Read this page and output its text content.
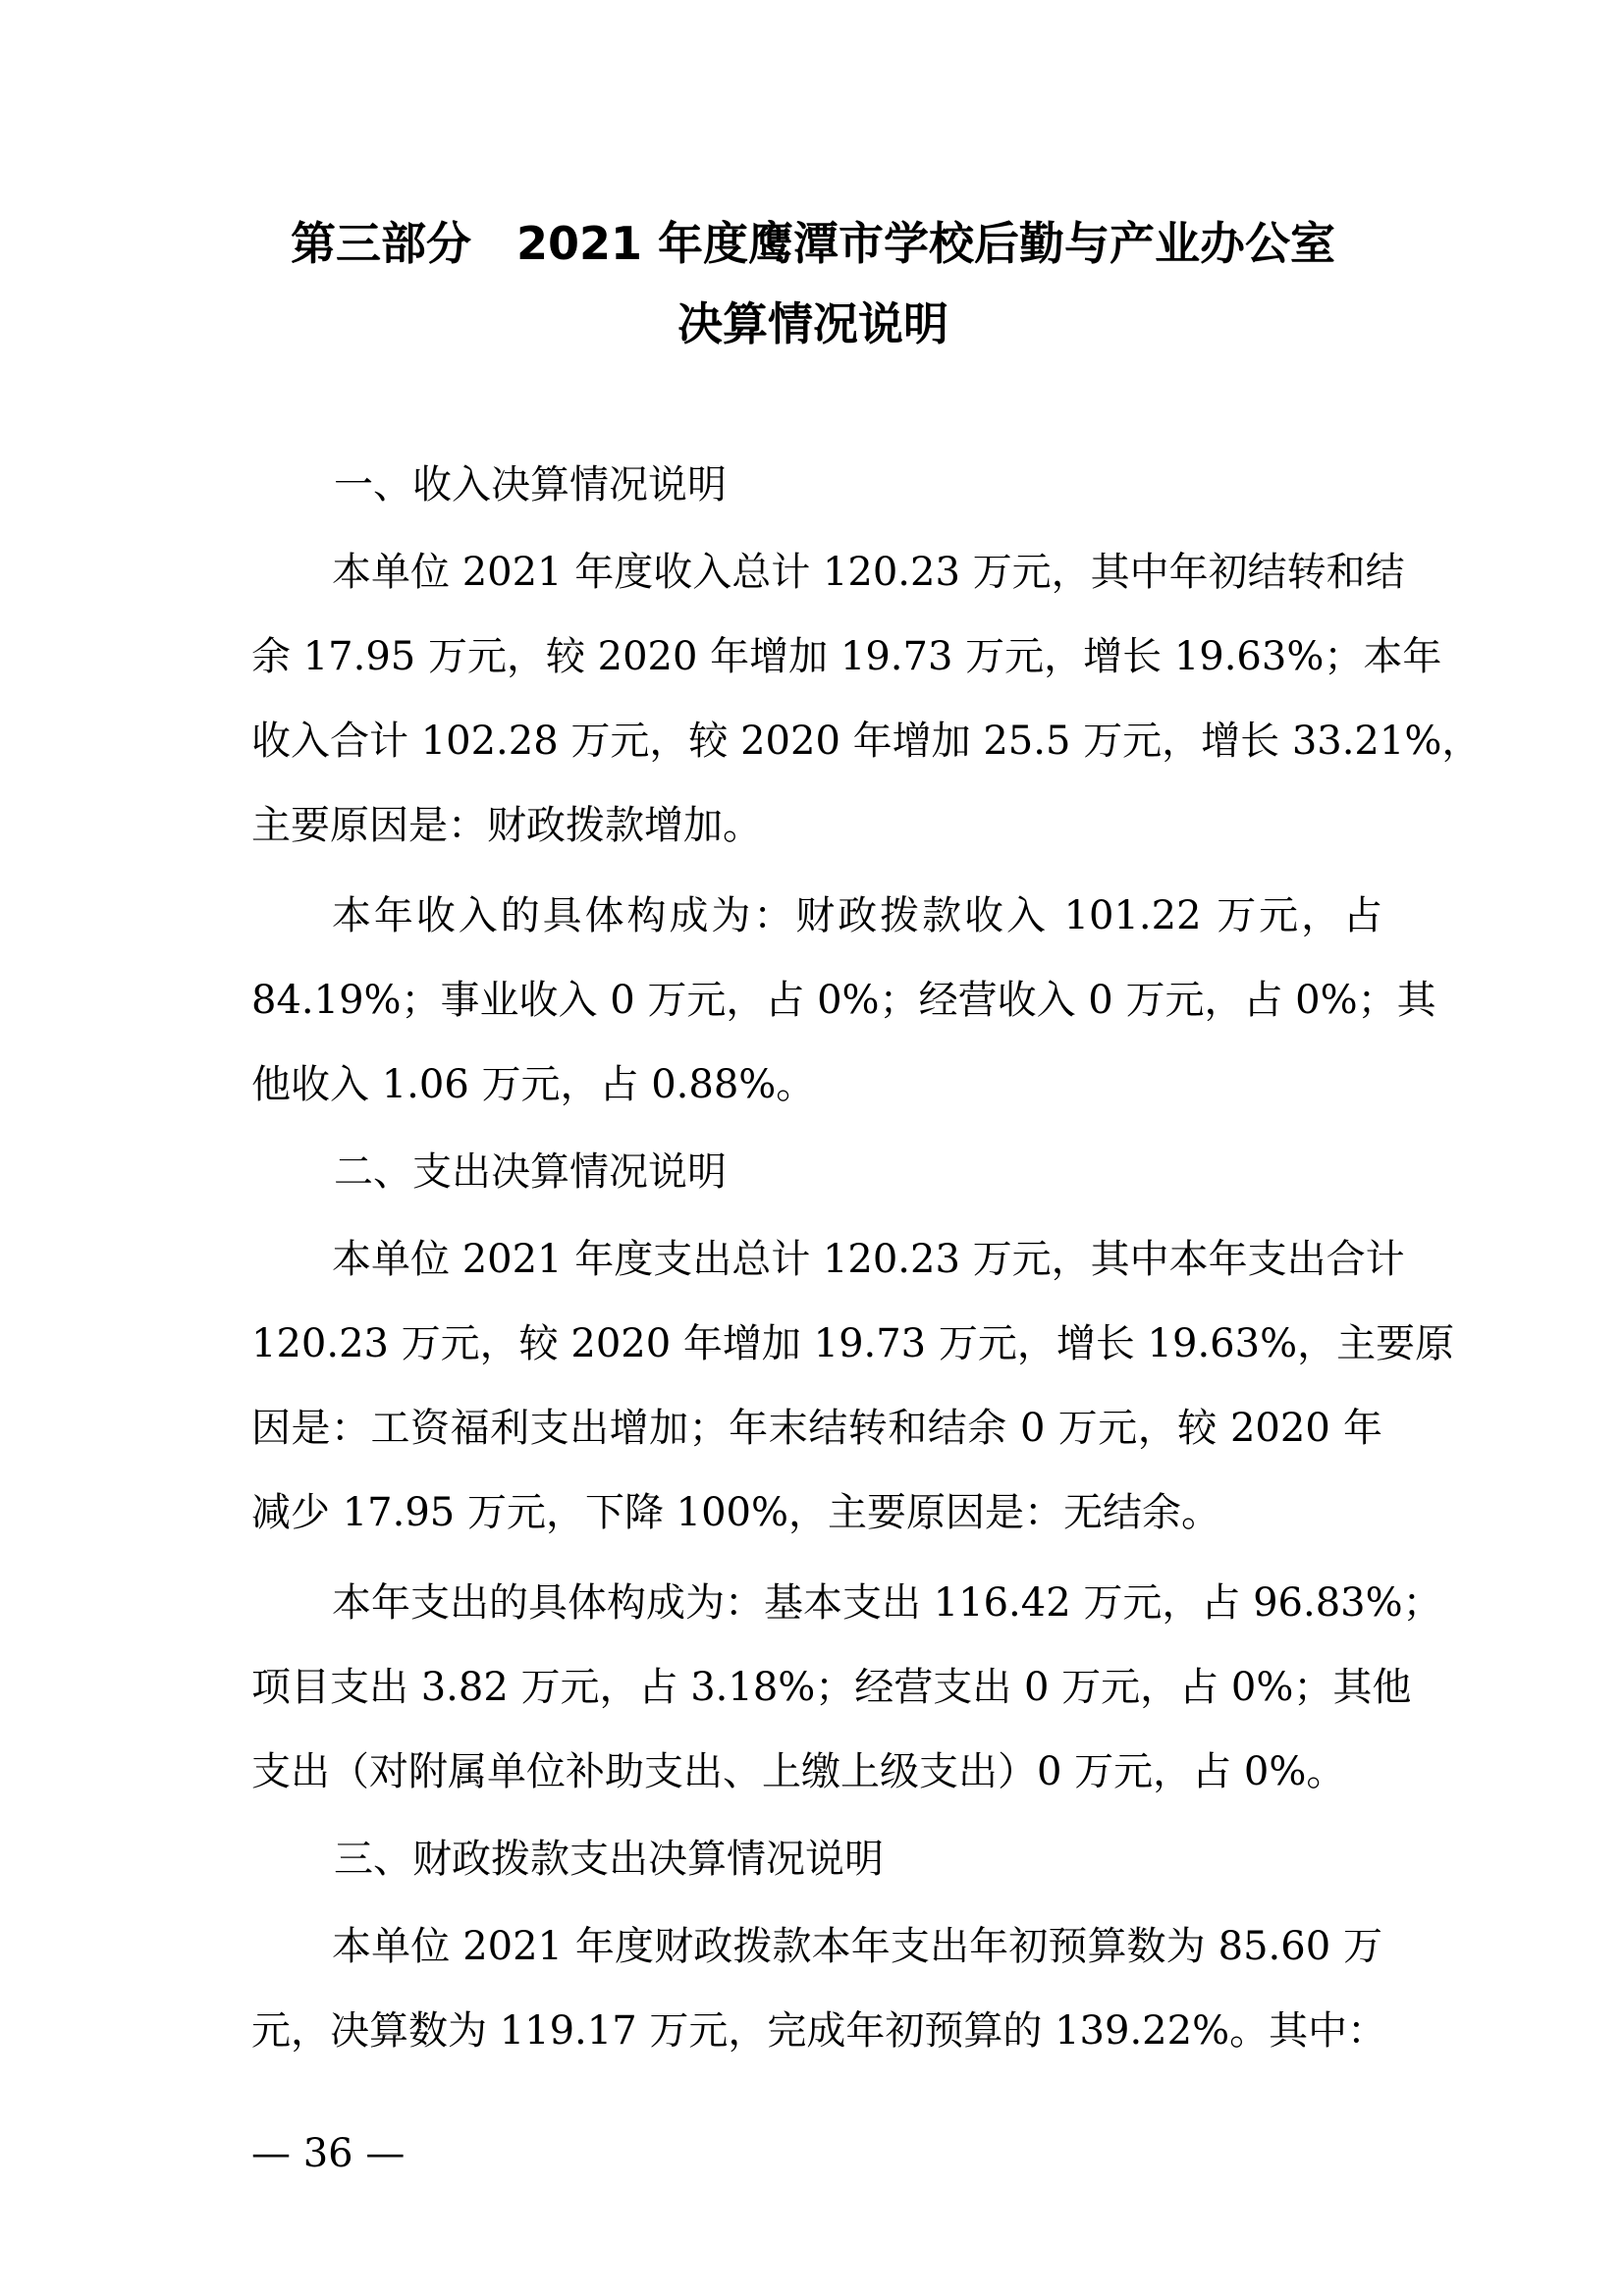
第三部分　2021 年度鹰潭市学校后勤与产业办公室
决算情况说明
一、收入决算情况说明

本单位 2021 年度收入总计 120.23 万元，其中年初结转和结

余 17.95 万元，较 2020 年增加 19.73 万元，增长 19.63%；本年

收入合计 102.28 万元，较 2020 年增加 25.5 万元，增长 33.21%，

主要原因是：财政拨款增加。

本年收入的具体构成为：财政拨款收入 101.22 万元，占

84.19%；事业收入 0 万元，占 0%；经营收入 0 万元，占 0%；其

他收入 1.06 万元，占 0.88%。

二、支出决算情况说明

本单位 2021 年度支出总计 120.23 万元，其中本年支出合计

120.23 万元，较 2020 年增加 19.73 万元，增长 19.63%，主要原

因是：工资福利支出增加；年末结转和结余 0 万元，较 2020 年

减少 17.95 万元，下降 100%，主要原因是：无结余。

本年支出的具体构成为：基本支出 116.42 万元，占 96.83%；

项目支出 3.82 万元，占 3.18%；经营支出 0 万元，占 0%；其他

支出（对附属单位补助支出、上缴上级支出）0 万元，占 0%。

三、财政拨款支出决算情况说明

本单位 2021 年度财政拨款本年支出年初预算数为 85.60 万

元，决算数为 119.17 万元，完成年初预算的 139.22%。其中：

— 36 —
